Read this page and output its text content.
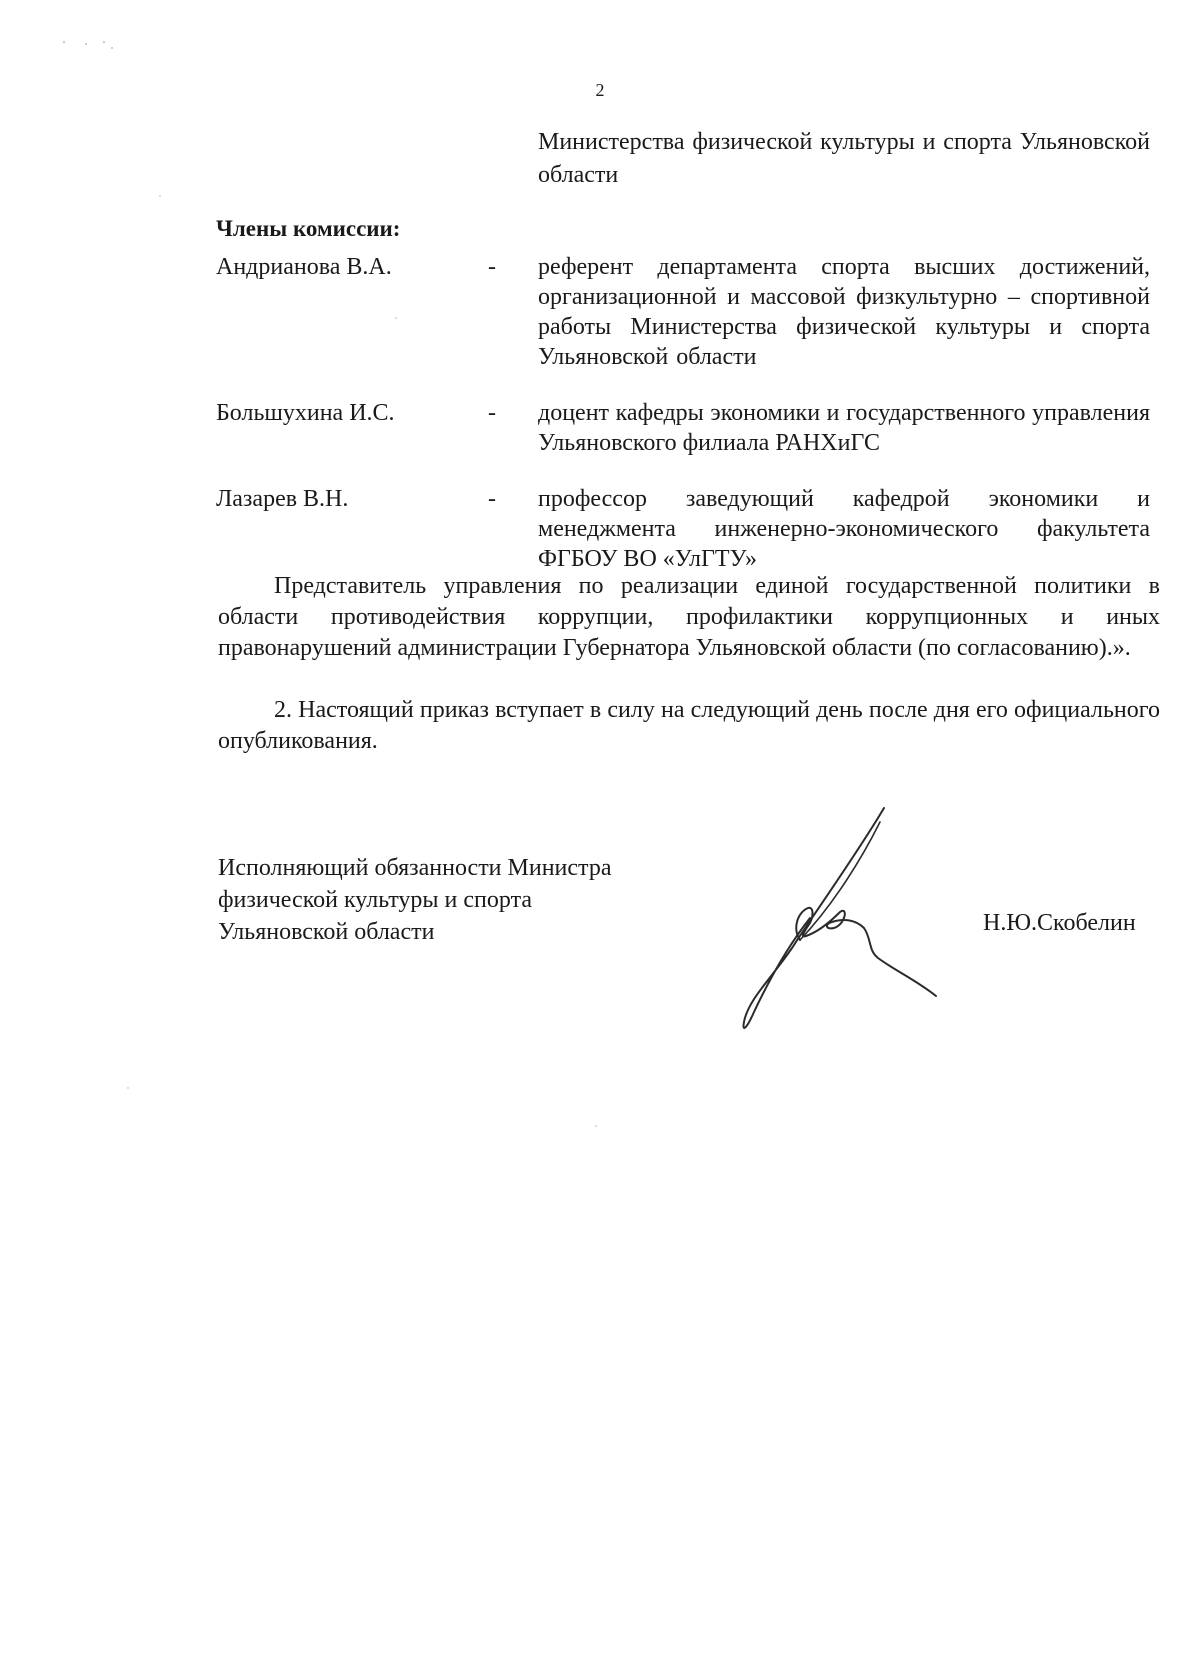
2
Министерства физической культуры и спорта Ульяновской области
Члены комиссии:
Андрианова В.А.	- референт департамента спорта высших достижений, организационной и массовой физкультурно – спортивной работы Министерства физической культуры и спорта Ульяновской области
Большухина И.С.	- доцент кафедры экономики и государственного управления Ульяновского филиала РАНХиГС
Лазарев В.Н.	- профессор заведующий кафедрой экономики и менеджмента инженерно-экономического факультета ФГБОУ ВО «УлГТУ»
Представитель управления по реализации единой государственной политики в области противодействия коррупции, профилактики коррупционных и иных правонарушений администрации Губернатора Ульяновской области (по согласованию).».
2. Настоящий приказ вступает в силу на следующий день после дня его официального опубликования.
Исполняющий обязанности Министра
физической культуры и спорта
Ульяновской области	Н.Ю.Скобелин
